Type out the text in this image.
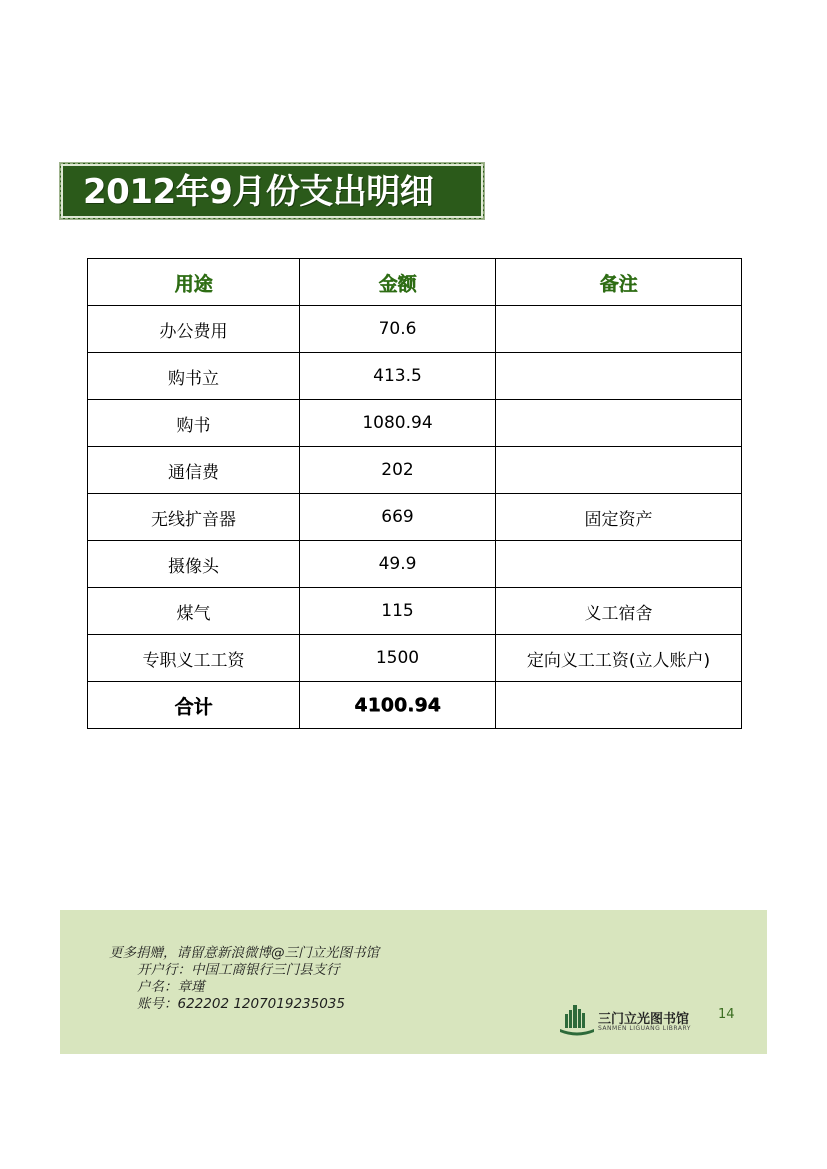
2012年9月份支出明细
用途	金额	备注
办公费用	70.6	
购书立	413.5	
购书	1080.94	
通信费	202	
无线扩音器	669	固定资产
摄像头	49.9	
煤气	115	义工宿舍
专职义工工资	1500	定向义工工资(立人账户)
合计	4100.94	
更多捐赠，请留意新浪微博@三门立光图书馆
开户行：中国工商银行三门县支行
户名：章瑾
账号：622202 1207019235035
三门立光图书馆
SANMEN LIGUANG LIBRARY
14
